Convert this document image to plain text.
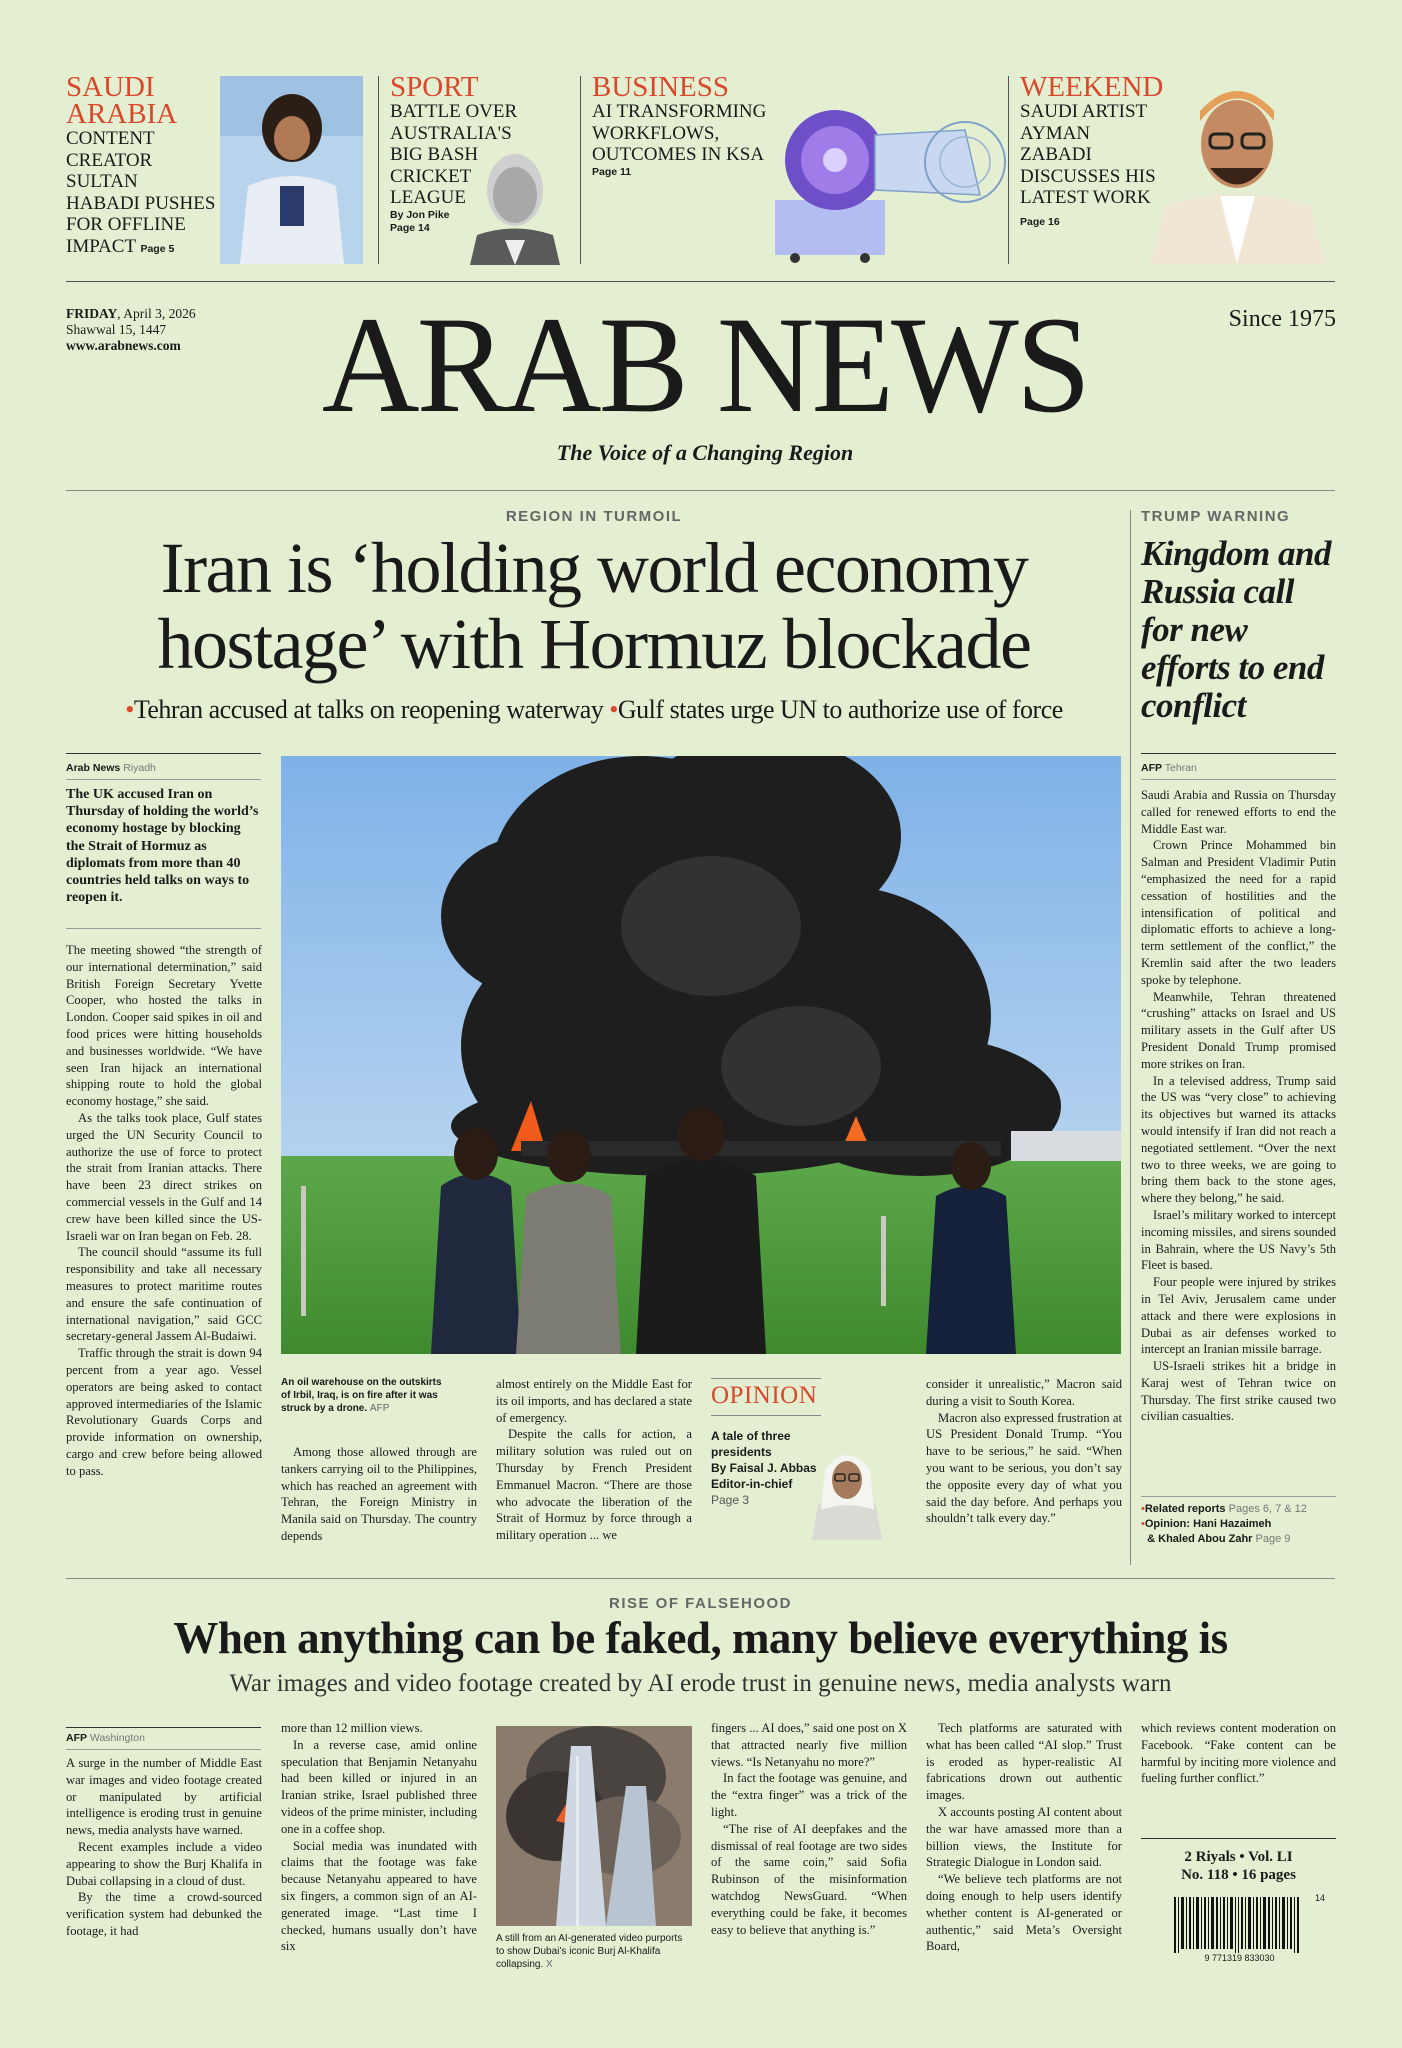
SAUDI ARABIA
CONTENT CREATOR SULTAN HABADI PUSHES FOR OFFLINE IMPACT Page 5
SPORT
BATTLE OVER AUSTRALIA'S BIG BASH CRICKET LEAGUE
By Jon Pike
Page 14
BUSINESS
AI TRANSFORMING WORKFLOWS, OUTCOMES IN KSA
Page 11
WEEKEND
SAUDI ARTIST AYMAN ZABADI DISCUSSES HIS LATEST WORK Page 16
FRIDAY, April 3, 2026
Shawwal 15, 1447
www.arabnews.com ARAB NEWS
The Voice of a Changing Region
Since 1975
REGION IN TURMOIL
Iran is ‘holding world economy
hostage’ with Hormuz blockade
•Tehran accused at talks on reopening waterway •Gulf states urge UN to authorize use of force
TRUMP WARNING
Kingdom and Russia call for new efforts to end conflict
Arab News Riyadh	AFP Tehran
The UK accused Iran on Thursday of holding the world’s economy hostage by blocking the Strait of Hormuz as diplomats from more than 40 countries held talks on ways to reopen it.

The meeting showed “the strength of our international determination,” said British Foreign Secretary Yvette Cooper, who hosted the talks in London. Cooper said spikes in oil and food prices were hitting households and businesses worldwide. “We have seen Iran hijack an international shipping route to hold the global economy hostage,” she said.

As the talks took place, Gulf states urged the UN Security Council to authorize the use of force to protect the strait from Iranian attacks. There have been 23 direct strikes on commercial vessels in the Gulf and 14 crew have been killed since the US-Israeli war on Iran began on Feb. 28.

The council should “assume its full responsibility and take all necessary measures to protect maritime routes and ensure the safe continuation of international navigation,” said GCC secretary-general Jassem Al-Budaiwi.

Traffic through the strait is down 94 percent from a year ago. Vessel operators are being asked to contact approved intermediaries of the Islamic Revolutionary Guards Corps and provide information on ownership, cargo and crew before being allowed to pass.

An oil warehouse on the outskirts of Irbil, Iraq, is on fire after it was struck by a drone. AFP

Among those allowed through are tankers carrying oil to the Philippines, which has reached an agreement with Tehran, the Foreign Ministry in Manila said on Thursday. The country depends

almost entirely on the Middle East for its oil imports, and has declared a state of emergency.

Despite the calls for action, a military solution was ruled out on Thursday by French President Emmanuel Macron. “There are those who advocate the liberation of the Strait of Hormuz by force through a military operation ... we

OPINION
A tale of three presidents
By Faisal J. Abbas
Editor-in-chief
Page 3

consider it unrealistic,” Macron said during a visit to South Korea.

Macron also expressed frustration at US President Donald Trump. “You have to be serious,” he said. “When you want to be serious, you don’t say the opposite every day of what you said the day before. And perhaps you shouldn’t talk every day.”

Saudi Arabia and Russia on Thursday called for renewed efforts to end the Middle East war.

Crown Prince Mohammed bin Salman and President Vladimir Putin “emphasized the need for a rapid cessation of hostilities and the intensification of political and diplomatic efforts to achieve a long-term settlement of the conflict,” the Kremlin said after the two leaders spoke by telephone.

Meanwhile, Tehran threatened “crushing” attacks on Israel and US military assets in the Gulf after US President Donald Trump promised more strikes on Iran.

In a televised address, Trump said the US was “very close” to achieving its objectives but warned its attacks would intensify if Iran did not reach a negotiated settlement. “Over the next two to three weeks, we are going to bring them back to the stone ages, where they belong,” he said.

Israel’s military worked to intercept incoming missiles, and sirens sounded in Bahrain, where the US Navy’s 5th Fleet is based.

Four people were injured by strikes in Tel Aviv, Jerusalem came under attack and there were explosions in Dubai as air defenses worked to intercept an Iranian missile barrage.

US-Israeli strikes hit a bridge in Karaj west of Tehran twice on Thursday. The first strike caused two civilian casualties.

•Related reports Pages 6, 7 & 12
•Opinion: Hani Hazaimeh
& Khaled Abou Zahr Page 9
RISE OF FALSEHOOD
When anything can be faked, many believe everything is
War images and video footage created by AI erode trust in genuine news, media analysts warn
AFP Washington

A surge in the number of Middle East war images and video footage created or manipulated by artificial intelligence is eroding trust in genuine news, media analysts have warned.

Recent examples include a video appearing to show the Burj Khalifa in Dubai collapsing in a cloud of dust.

By the time a crowd-sourced verification system had debunked the footage, it had

more than 12 million views.

In a reverse case, amid online speculation that Benjamin Netanyahu had been killed or injured in an Iranian strike, Israel published three videos of the prime minister, including one in a coffee shop.

Social media was inundated with claims that the footage was fake because Netanyahu appeared to have six fingers, a common sign of an AI-generated image. “Last time I checked, humans usually don’t have six

A still from an AI-generated video purports to show Dubai’s iconic Burj Al-Khalifa collapsing. X

fingers ... AI does,” said one post on X that attracted nearly five million views. “Is Netanyahu no more?”

In fact the footage was genuine, and the “extra finger” was a trick of the light.

“The rise of AI deepfakes and the dismissal of real footage are two sides of the same coin,” said Sofia Rubinson of the misinformation watchdog NewsGuard. “When everything could be fake, it becomes easy to believe that anything is.”

Tech platforms are saturated with what has been called “AI slop.” Trust is eroded as hyper-realistic AI fabrications drown out authentic images.

X accounts posting AI content about the war have amassed more than a billion views, the Institute for Strategic Dialogue in London said.

“We believe tech platforms are not doing enough to help users identify whether content is AI-generated or authentic,” said Meta’s Oversight Board,

which reviews content moderation on Facebook. “Fake content can be harmful by inciting more violence and fueling further conflict.”

2 Riyals • Vol. LI
No. 118 • 16 pages
14
9 771319 833030
